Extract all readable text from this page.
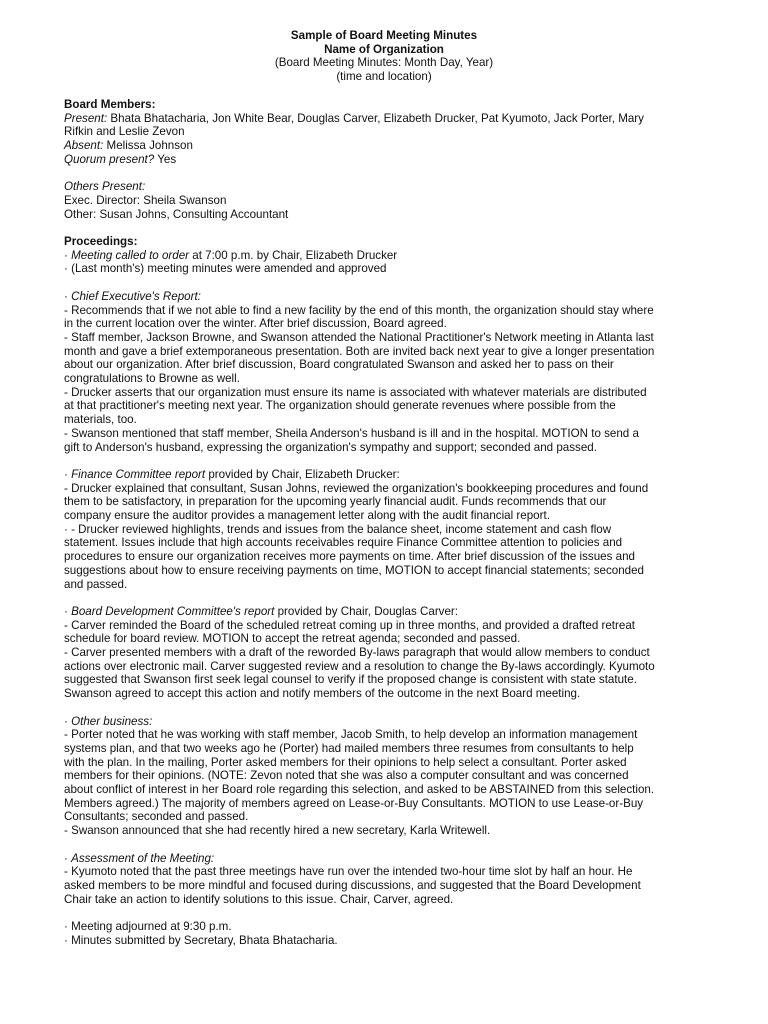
Sample of Board Meeting Minutes
Name of Organization
(Board Meeting Minutes: Month Day, Year)
(time and location)
Board Members:
Present: Bhata Bhatacharia, Jon White Bear, Douglas Carver, Elizabeth Drucker, Pat Kyumoto, Jack Porter, Mary
Rifkin and Leslie Zevon
Absent: Melissa Johnson
Quorum present? Yes
Others Present:
Exec. Director: Sheila Swanson
Other: Susan Johns, Consulting Accountant
Proceedings:
· Meeting called to order at 7:00 p.m. by Chair, Elizabeth Drucker
· (Last month's) meeting minutes were amended and approved
· Chief Executive's Report:
- Recommends that if we not able to find a new facility by the end of this month, the organization should stay where
in the current location over the winter. After brief discussion, Board agreed.
- Staff member, Jackson Browne, and Swanson attended the National Practitioner's Network meeting in Atlanta last
month and gave a brief extemporaneous presentation. Both are invited back next year to give a longer presentation
about our organization. After brief discussion, Board congratulated Swanson and asked her to pass on their
congratulations to Browne as well.
- Drucker asserts that our organization must ensure its name is associated with whatever materials are distributed
at that practitioner's meeting next year. The organization should generate revenues where possible from the
materials, too.
- Swanson mentioned that staff member, Sheila Anderson's husband is ill and in the hospital. MOTION to send a
gift to Anderson's husband, expressing the organization's sympathy and support; seconded and passed.
· Finance Committee report provided by Chair, Elizabeth Drucker:
- Drucker explained that consultant, Susan Johns, reviewed the organization's bookkeeping procedures and found
them to be satisfactory, in preparation for the upcoming yearly financial audit. Funds recommends that our
company ensure the auditor provides a management letter along with the audit financial report.
· - Drucker reviewed highlights, trends and issues from the balance sheet, income statement and cash flow
statement. Issues include that high accounts receivables require Finance Committee attention to policies and
procedures to ensure our organization receives more payments on time. After brief discussion of the issues and
suggestions about how to ensure receiving payments on time, MOTION to accept financial statements; seconded
and passed.
· Board Development Committee's report provided by Chair, Douglas Carver:
- Carver reminded the Board of the scheduled retreat coming up in three months, and provided a drafted retreat
schedule for board review. MOTION to accept the retreat agenda; seconded and passed.
- Carver presented members with a draft of the reworded By-laws paragraph that would allow members to conduct
actions over electronic mail. Carver suggested review and a resolution to change the By-laws accordingly. Kyumoto
suggested that Swanson first seek legal counsel to verify if the proposed change is consistent with state statute.
Swanson agreed to accept this action and notify members of the outcome in the next Board meeting.
· Other business:
- Porter noted that he was working with staff member, Jacob Smith, to help develop an information management
systems plan, and that two weeks ago he (Porter) had mailed members three resumes from consultants to help
with the plan. In the mailing, Porter asked members for their opinions to help select a consultant. Porter asked
members for their opinions. (NOTE: Zevon noted that she was also a computer consultant and was concerned
about conflict of interest in her Board role regarding this selection, and asked to be ABSTAINED from this selection.
Members agreed.) The majority of members agreed on Lease-or-Buy Consultants. MOTION to use Lease-or-Buy
Consultants; seconded and passed.
- Swanson announced that she had recently hired a new secretary, Karla Writewell.
· Assessment of the Meeting:
- Kyumoto noted that the past three meetings have run over the intended two-hour time slot by half an hour. He
asked members to be more mindful and focused during discussions, and suggested that the Board Development
Chair take an action to identify solutions to this issue. Chair, Carver, agreed.
· Meeting adjourned at 9:30 p.m.
· Minutes submitted by Secretary, Bhata Bhatacharia.
